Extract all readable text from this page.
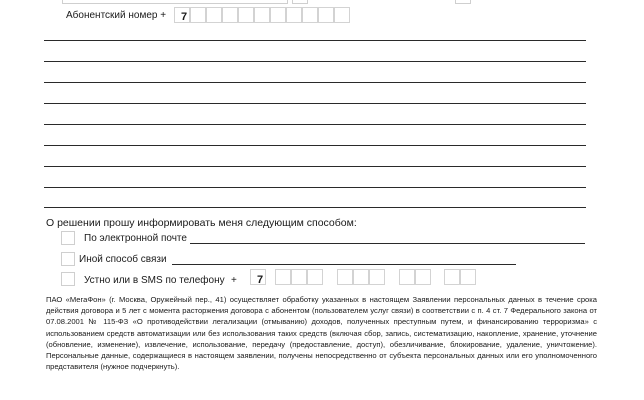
Абонентский номер + 7
О решении прошу информировать меня следующим способом:
По электронной почте
Иной способ связи
Устно или в SMS по телефону + 7
ПАО «МегаФон» (г. Москва, Оружейный пер., 41) осуществляет обработку указанных в настоящем Заявлении персональных данных в течение срока действия договора и 5 лет с момента расторжения договора с абонентом (пользователем услуг связи) в соответствии с п. 4 ст. 7 Федерального закона от 07.08.2001 № 115-ФЗ «О противодействии легализации (отмыванию) доходов, полученных преступным путем, и финансированию терроризма» с использованием средств автоматизации или без использования таких средств (включая сбор, запись, систематизацию, накопление, хранение, уточнение (обновление, изменение), извлечение, использование, передачу (предоставление, доступ), обезличивание, блокирование, удаление, уничтожение). Персональные данные, содержащиеся в настоящем заявлении, получены непосредственно от субъекта персональных данных или его уполномоченного представителя (нужное подчеркнуть).
